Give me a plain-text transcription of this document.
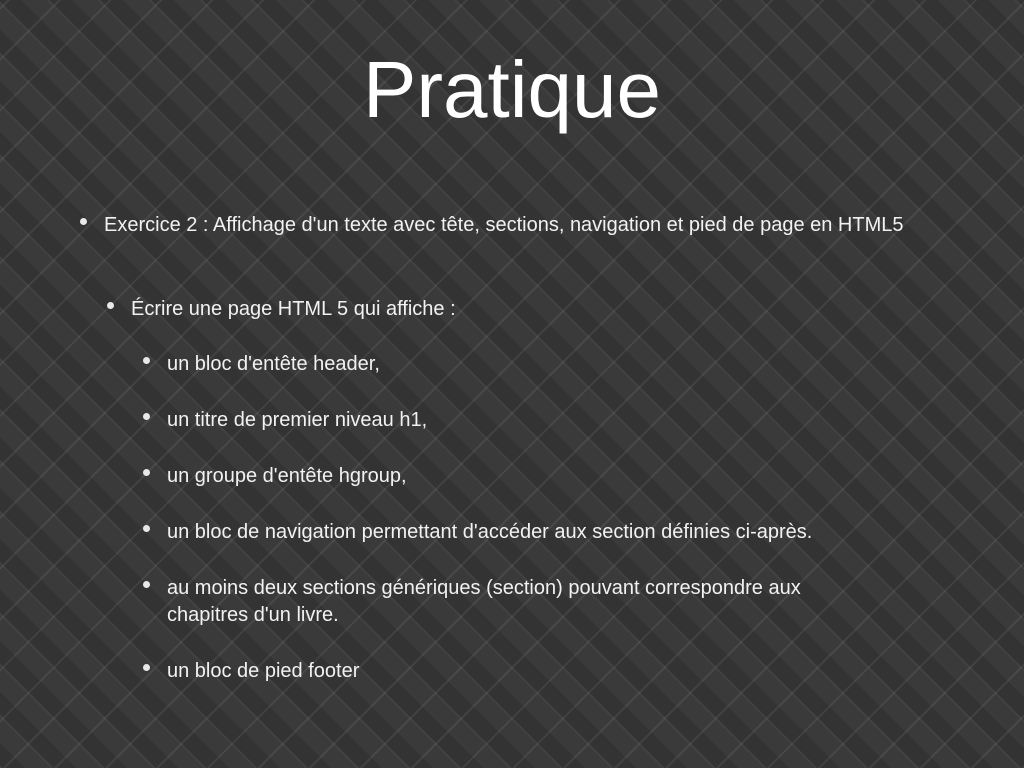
Pratique
Exercice 2 : Affichage d'un texte avec tête, sections, navigation et pied de page en HTML5
Écrire une page HTML 5 qui affiche :
un bloc d'entête header,
un titre de premier niveau h1,
un groupe d'entête hgroup,
un bloc de navigation permettant d'accéder aux section définies ci-après.
au moins deux sections génériques (section) pouvant correspondre aux chapitres d'un livre.
un bloc de pied footer
